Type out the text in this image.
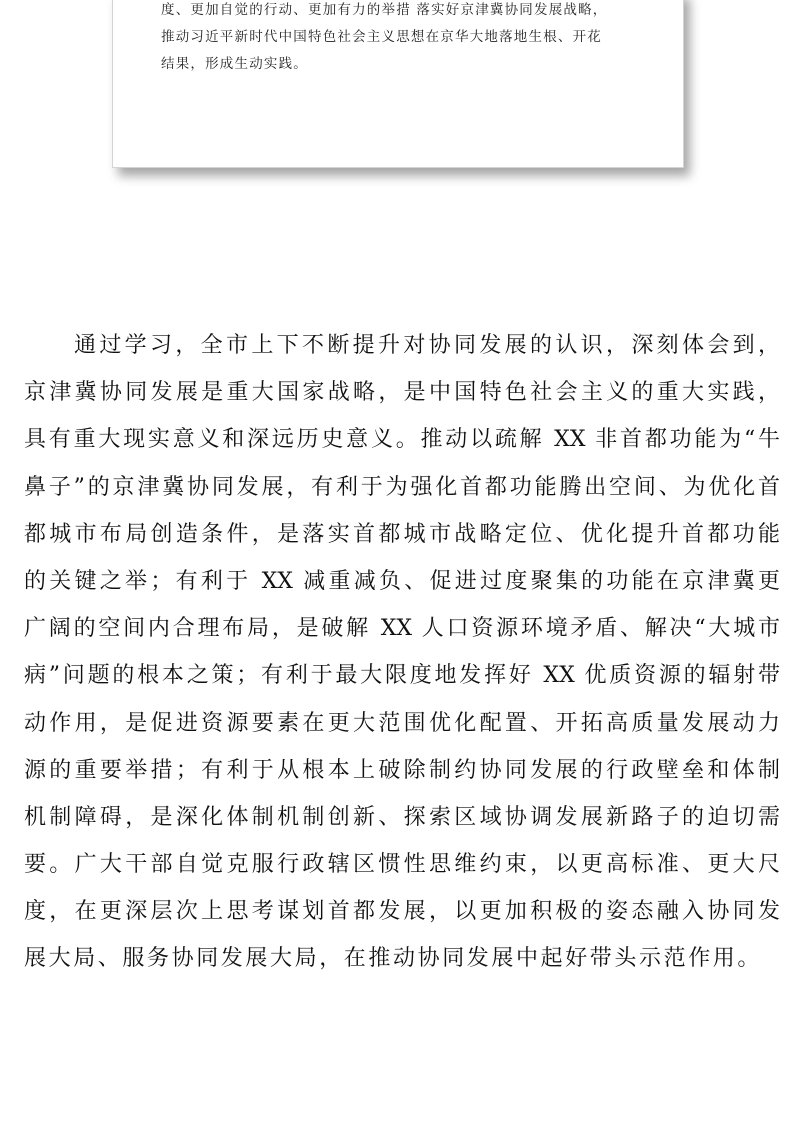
度、更加自觉的行动、更加有力的举措 落实好京津冀协同发展战略，
推动习近平新时代中国特色社会主义思想在京华大地落地生根、开花
结果，形成生动实践。
通过学习，全市上下不断提升对协同发展的认识，深刻体会到，
京津冀协同发展是重大国家战略，是中国特色社会主义的重大实践，
具有重大现实意义和深远历史意义。推动以疏解 XX 非首都功能为“牛
鼻子”的京津冀协同发展，有利于为强化首都功能腾出空间、为优化首
都城市布局创造条件，是落实首都城市战略定位、优化提升首都功能
的关键之举；有利于 XX 减重减负、促进过度聚集的功能在京津冀更
广阔的空间内合理布局，是破解 XX 人口资源环境矛盾、解决“大城市
病”问题的根本之策；有利于最大限度地发挥好 XX 优质资源的辐射带
动作用，是促进资源要素在更大范围优化配置、开拓高质量发展动力
源的重要举措；有利于从根本上破除制约协同发展的行政壁垒和体制
机制障碍，是深化体制机制创新、探索区域协调发展新路子的迫切需
要。广大干部自觉克服行政辖区惯性思维约束，以更高标准、更大尺
度，在更深层次上思考谋划首都发展，以更加积极的姿态融入协同发
展大局、服务协同发展大局，在推动协同发展中起好带头示范作用。
